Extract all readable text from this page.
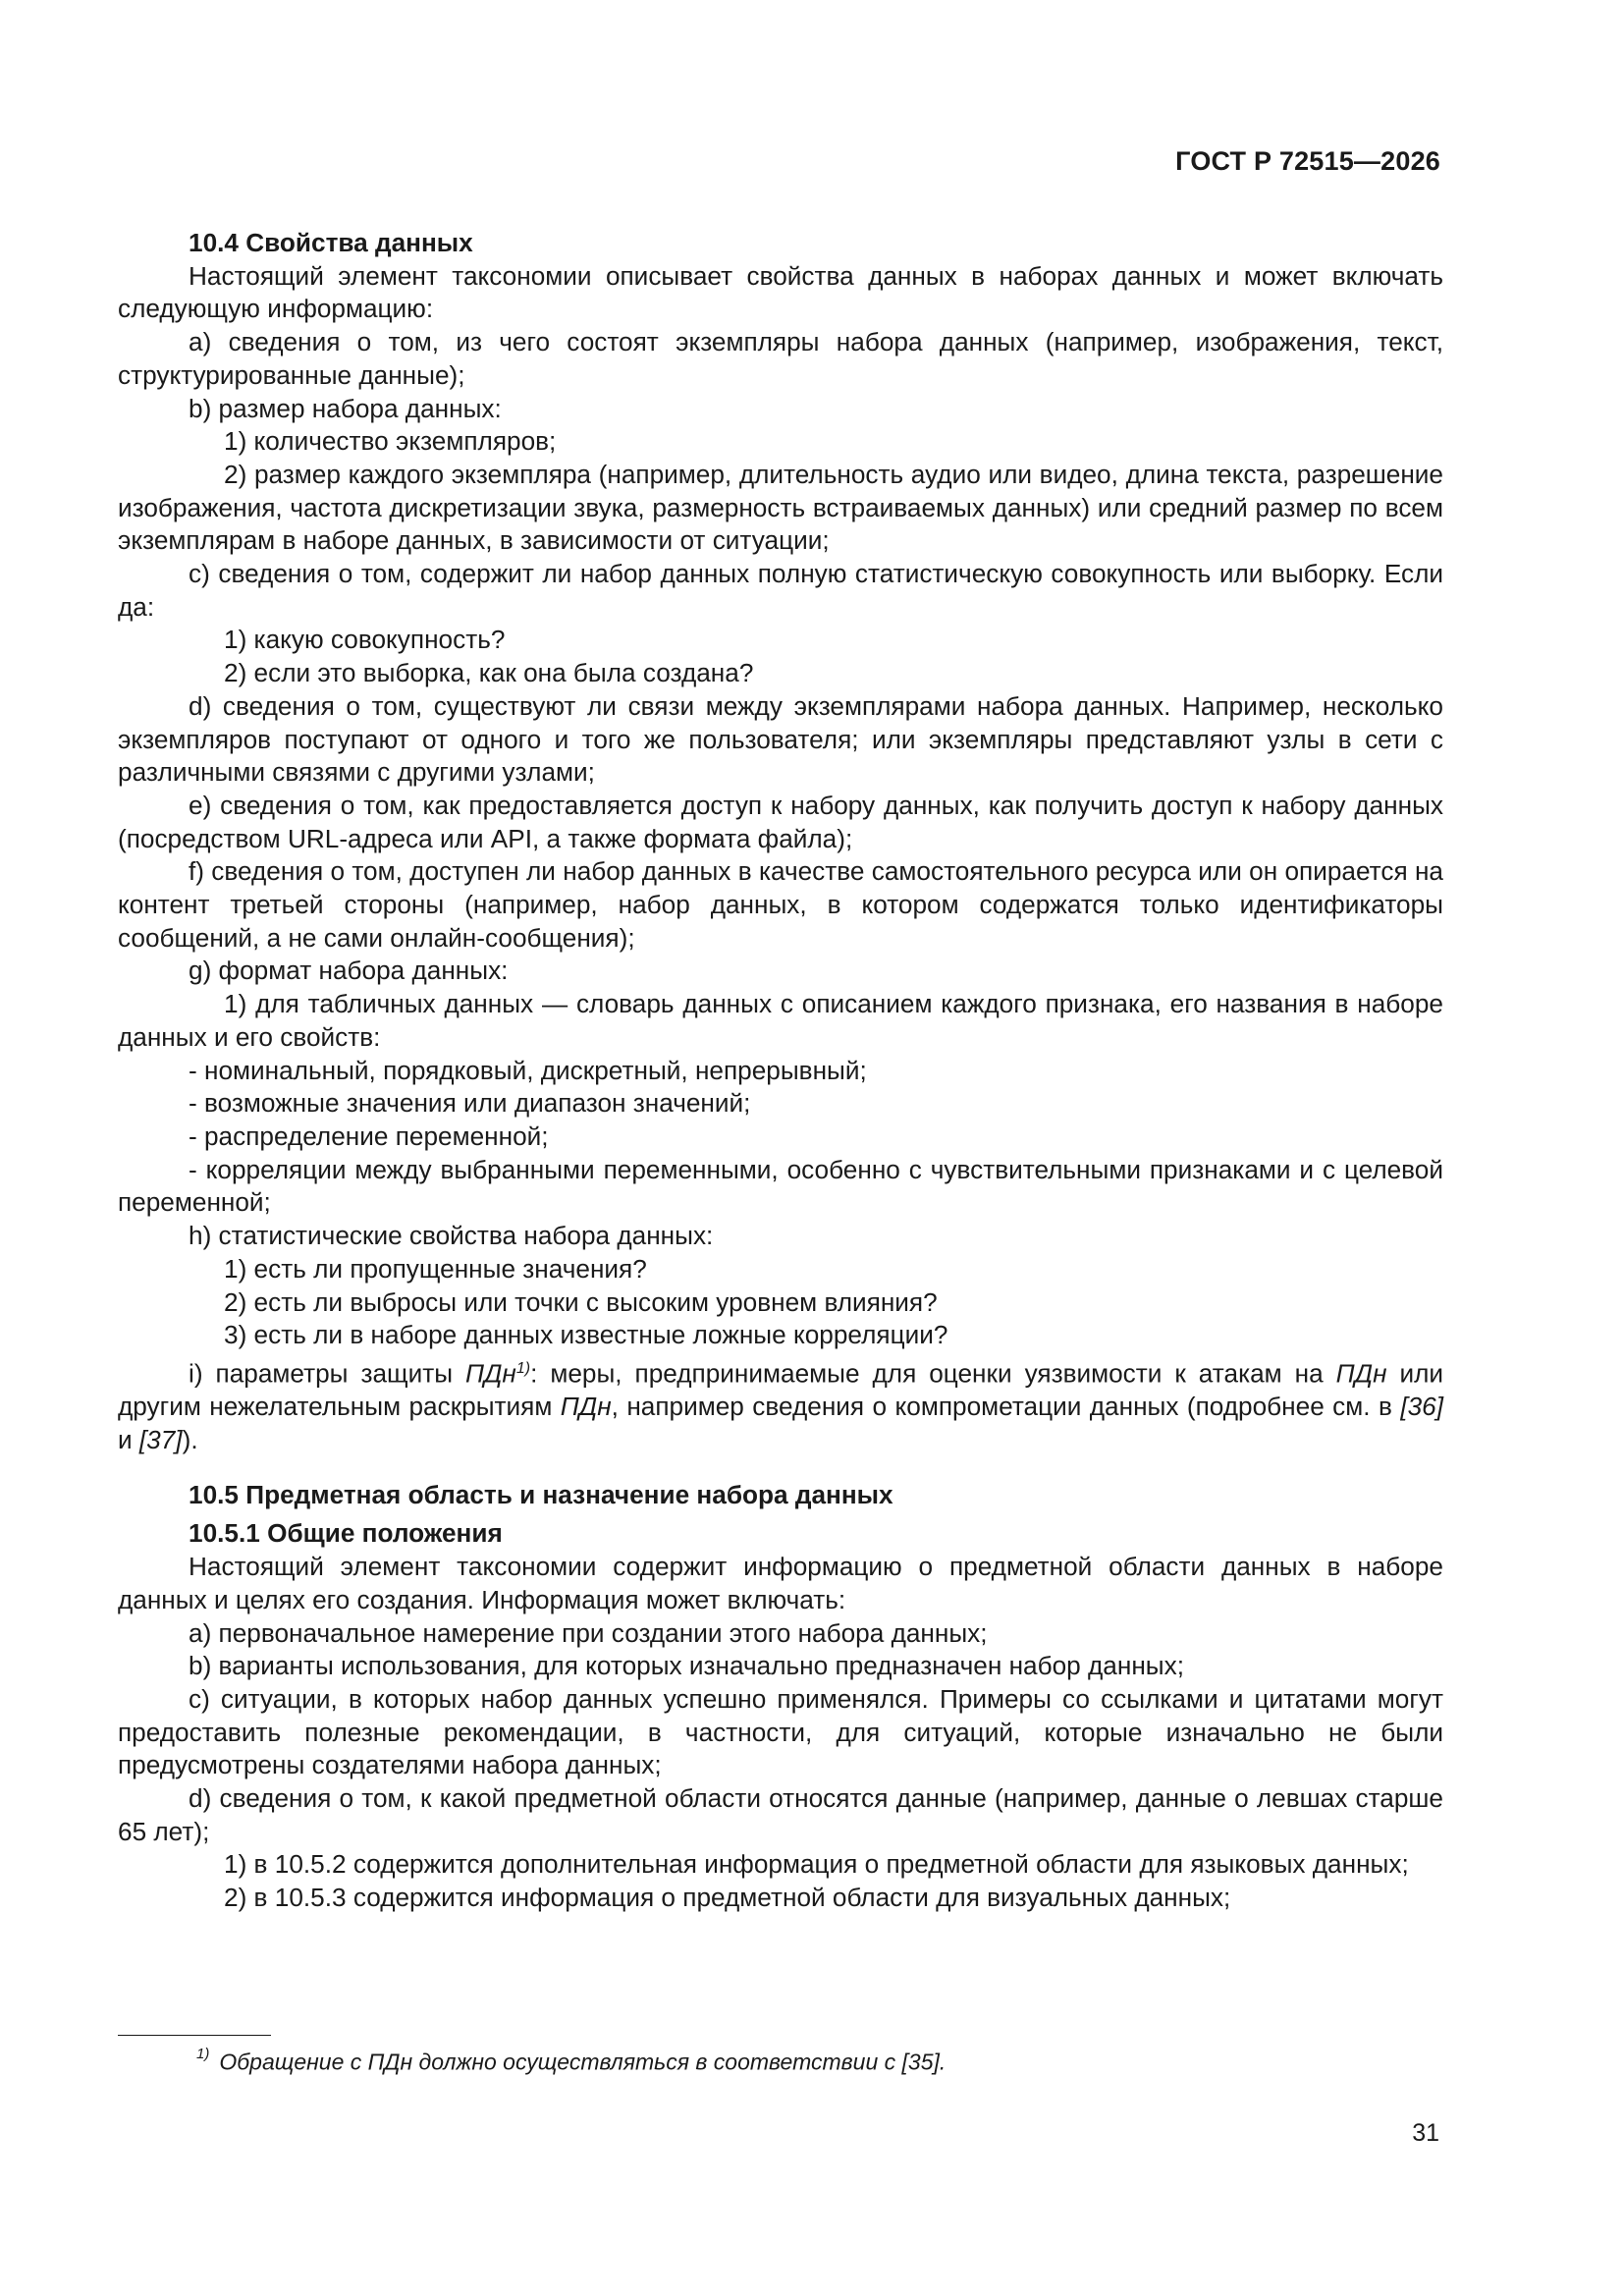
ГОСТ Р 72515—2026

10.4 Свойства данных

Настоящий элемент таксономии описывает свойства данных в наборах данных и может включать следующую информацию:

a) сведения о том, из чего состоят экземпляры набора данных (например, изображения, текст, структурированные данные);

b) размер набора данных:

1) количество экземпляров;

2) размер каждого экземпляра (например, длительность аудио или видео, длина текста, разрешение изображения, частота дискретизации звука, размерность встраиваемых данных) или средний размер по всем экземплярам в наборе данных, в зависимости от ситуации;

c) сведения о том, содержит ли набор данных полную статистическую совокупность или выборку. Если да:

1) какую совокупность?

2) если это выборка, как она была создана?

d) сведения о том, существуют ли связи между экземплярами набора данных. Например, несколько экземпляров поступают от одного и того же пользователя; или экземпляры представляют узлы в сети с различными связями с другими узлами;

e) сведения о том, как предоставляется доступ к набору данных, как получить доступ к набору данных (посредством URL-адреса или API, а также формата файла);

f) сведения о том, доступен ли набор данных в качестве самостоятельного ресурса или он опирается на контент третьей стороны (например, набор данных, в котором содержатся только идентификаторы сообщений, а не сами онлайн-сообщения);

g) формат набора данных:

1) для табличных данных — словарь данных с описанием каждого признака, его названия в наборе данных и его свойств:

- номинальный, порядковый, дискретный, непрерывный;

- возможные значения или диапазон значений;

- распределение переменной;

- корреляции между выбранными переменными, особенно с чувствительными признаками и с целевой переменной;

h) статистические свойства набора данных:

1) есть ли пропущенные значения?

2) есть ли выбросы или точки с высоким уровнем влияния?

3) есть ли в наборе данных известные ложные корреляции?

i) параметры защиты ПДн$^{1)}$: меры, предпринимаемые для оценки уязвимости к атакам на ПДн или другим нежелательным раскрытиям ПДн, например сведения о компрометации данных (подробнее см. в [36] и [37]).

10.5 Предметная область и назначение набора данных

10.5.1 Общие положения

Настоящий элемент таксономии содержит информацию о предметной области данных в наборе данных и целях его создания. Информация может включать:

a) первоначальное намерение при создании этого набора данных;

b) варианты использования, для которых изначально предназначен набор данных;

c) ситуации, в которых набор данных успешно применялся. Примеры со ссылками и цитатами могут предоставить полезные рекомендации, в частности, для ситуаций, которые изначально не были предусмотрены создателями набора данных;

d) сведения о том, к какой предметной области относятся данные (например, данные о левшах старше 65 лет);

1) в 10.5.2 содержится дополнительная информация о предметной области для языковых данных;

2) в 10.5.3 содержится информация о предметной области для визуальных данных;

$^{1)}$ Обращение с ПДн должно осуществляться в соответствии с [35].
31
